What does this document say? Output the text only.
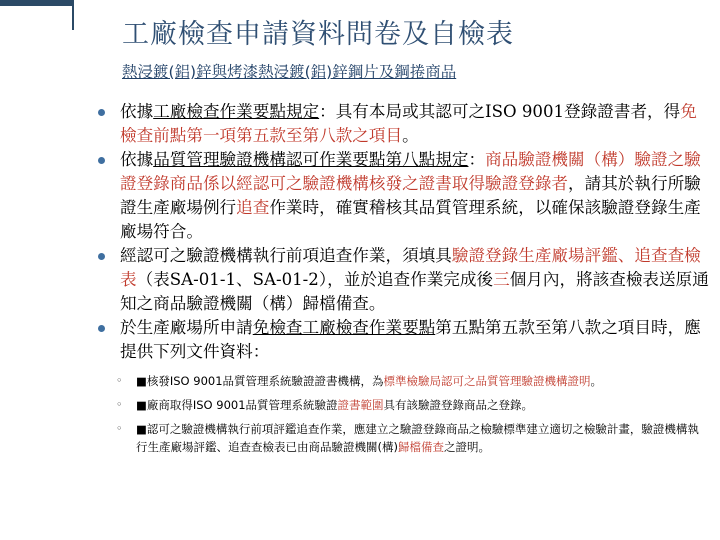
工廠檢查申請資料問卷及自檢表
熱浸鍍(鋁)鋅與烤漆熱浸鍍(鋁)鋅鋼片及鋼捲商品
依據工廠檢查作業要點規定：具有本局或其認可之ISO 9001登錄證書者，得免檢查前點第一項第五款至第八款之項目。
依據品質管理驗證機構認可作業要點第八點規定：商品驗證機關（構）驗證之驗證登錄商品係以經認可之驗證機構核發之證書取得驗證登錄者，請其於執行所驗證生產廠場例行追查作業時，確實稽核其品質管理系統，以確保該驗證登錄生產廠場符合。
經認可之驗證機構執行前項追查作業，須填具驗證登錄生產廠場評鑑、追查查檢表（表SA-01-1、SA-01-2），並於追查作業完成後三個月內，將該查檢表送原通知之商品驗證機關（構）歸檔備查。
於生產廠場所申請免檢查工廠檢查作業要點第五點第五款至第八款之項目時，應提供下列文件資料：
◦ ■核發ISO 9001品質管理系統驗證證書機構，為標準檢驗局認可之品質管理驗證機構證明。
◦ ■廠商取得ISO 9001品質管理系統驗證證書範圍具有該驗證登錄商品之登錄。
◦ ■認可之驗證機構執行前項評鑑追查作業，應建立之驗證登錄商品之檢驗標準建立適切之檢驗計畫，驗證機構執行生產廠場評鑑、追查查檢表已由商品驗證機關(構)歸檔備查之證明。
